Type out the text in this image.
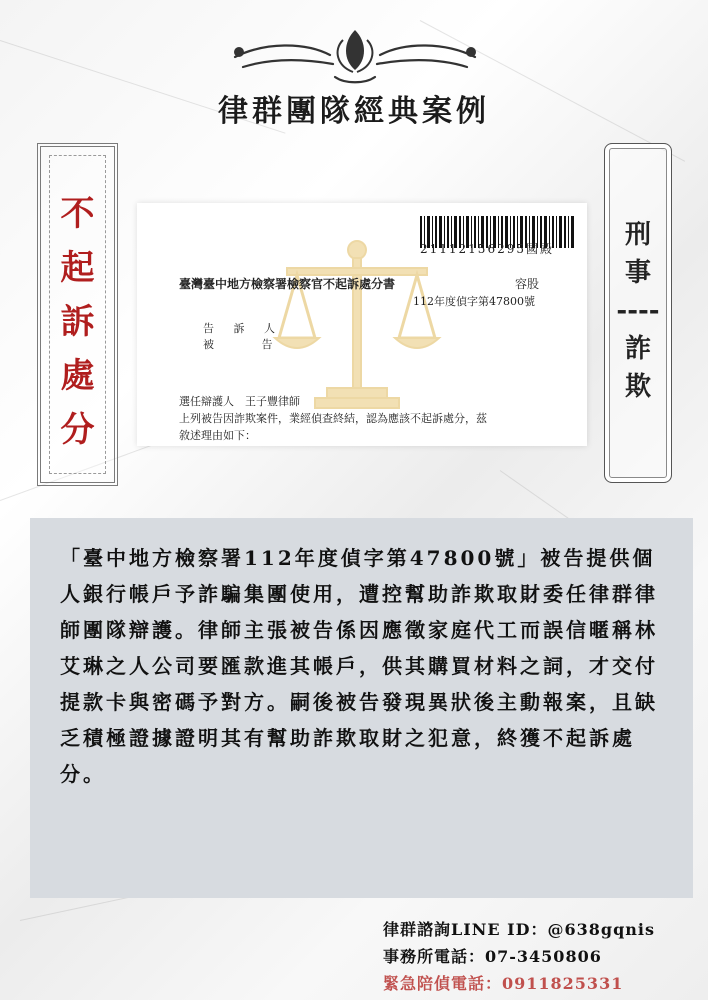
律群團隊經典案例
不
起
訴
處
分
刑
事
----
詐
欺
21112156295國殿
臺灣臺中地方檢察署檢察官不起訴處分書	容股
112年度偵字第47800號
告 訴 人
被 告
選任辯護人　王子豐律師
上列被告因詐欺案件，業經偵查終結，認為應該不起訴處分，茲
敘述理由如下：

「臺中地方檢察署112年度偵字第47800號」被告提供個人銀行帳戶予詐騙集團使用，遭控幫助詐欺取財委任律群律師團隊辯護。律師主張被告係因應徵家庭代工而誤信暱稱林艾琳之人公司要匯款進其帳戶，供其購買材料之詞，才交付提款卡與密碼予對方。嗣後被告發現異狀後主動報案，且缺乏積極證據證明其有幫助詐欺取財之犯意，終獲不起訴處分。

律群諮詢LINE ID：@638gqnis
事務所電話：07-3450806
緊急陪偵電話：0911825331
